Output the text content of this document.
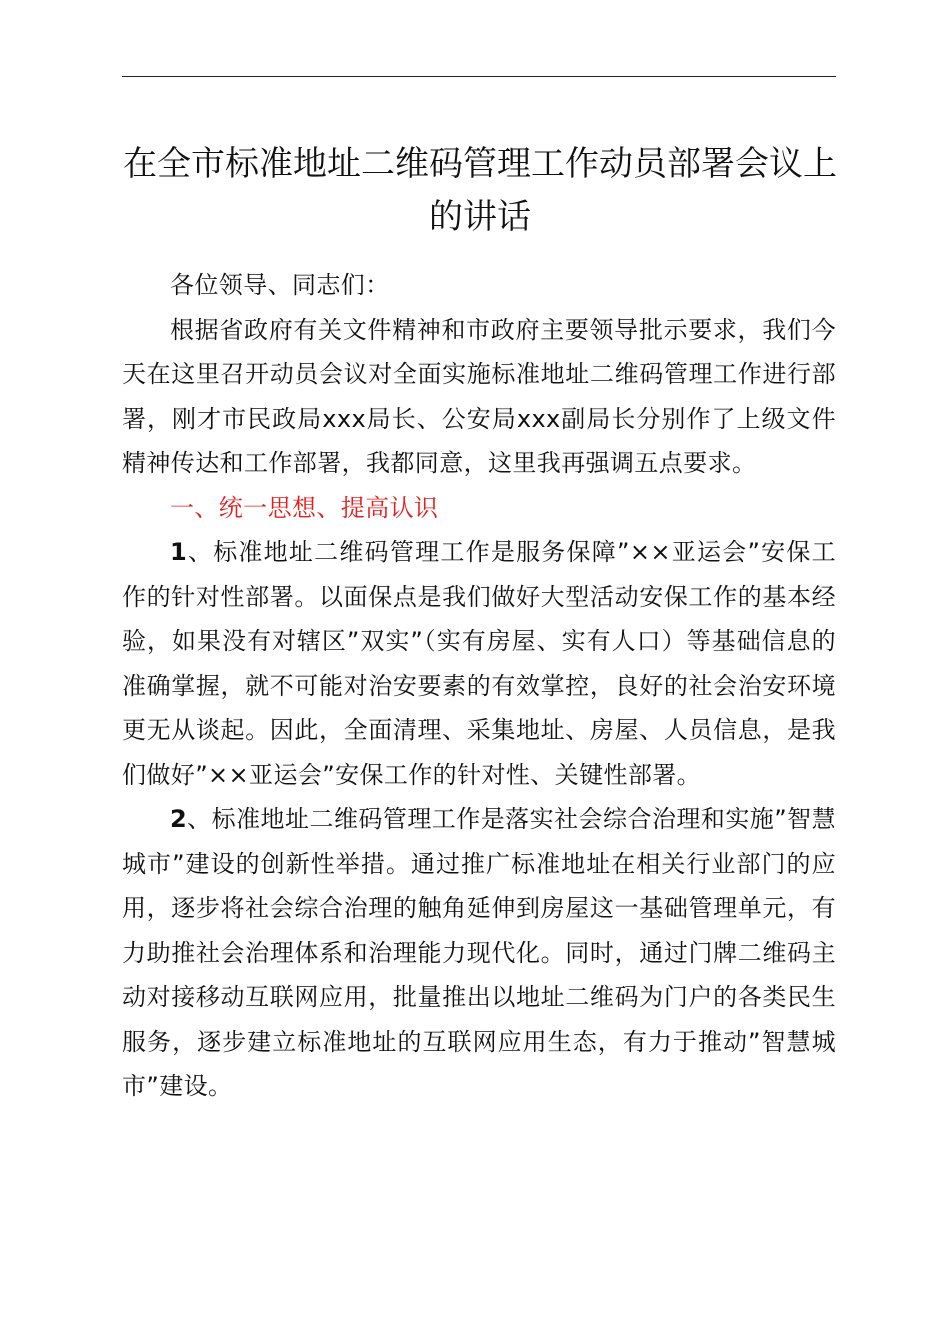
在全市标准地址二维码管理工作动员部署会议上的讲话

各位领导、同志们：

根据省政府有关文件精神和市政府主要领导批示要求，我们今天在这里召开动员会议对全面实施标准地址二维码管理工作进行部署，刚才市民政局xxx局长、公安局xxx副局长分别作了上级文件精神传达和工作部署，我都同意，这里我再强调五点要求。

一、统一思想、提高认识

1、标准地址二维码管理工作是服务保障”××亚运会”安保工作的针对性部署。以面保点是我们做好大型活动安保工作的基本经验，如果没有对辖区”双实”（实有房屋、实有人口）等基础信息的准确掌握，就不可能对治安要素的有效掌控，良好的社会治安环境更无从谈起。因此，全面清理、采集地址、房屋、人员信息，是我们做好”××亚运会”安保工作的针对性、关键性部署。

2、标准地址二维码管理工作是落实社会综合治理和实施”智慧城市”建设的创新性举措。通过推广标准地址在相关行业部门的应用，逐步将社会综合治理的触角延伸到房屋这一基础管理单元，有力助推社会治理体系和治理能力现代化。同时，通过门牌二维码主动对接移动互联网应用，批量推出以地址二维码为门户的各类民生服务，逐步建立标准地址的互联网应用生态，有力于推动”智慧城市”建设。
